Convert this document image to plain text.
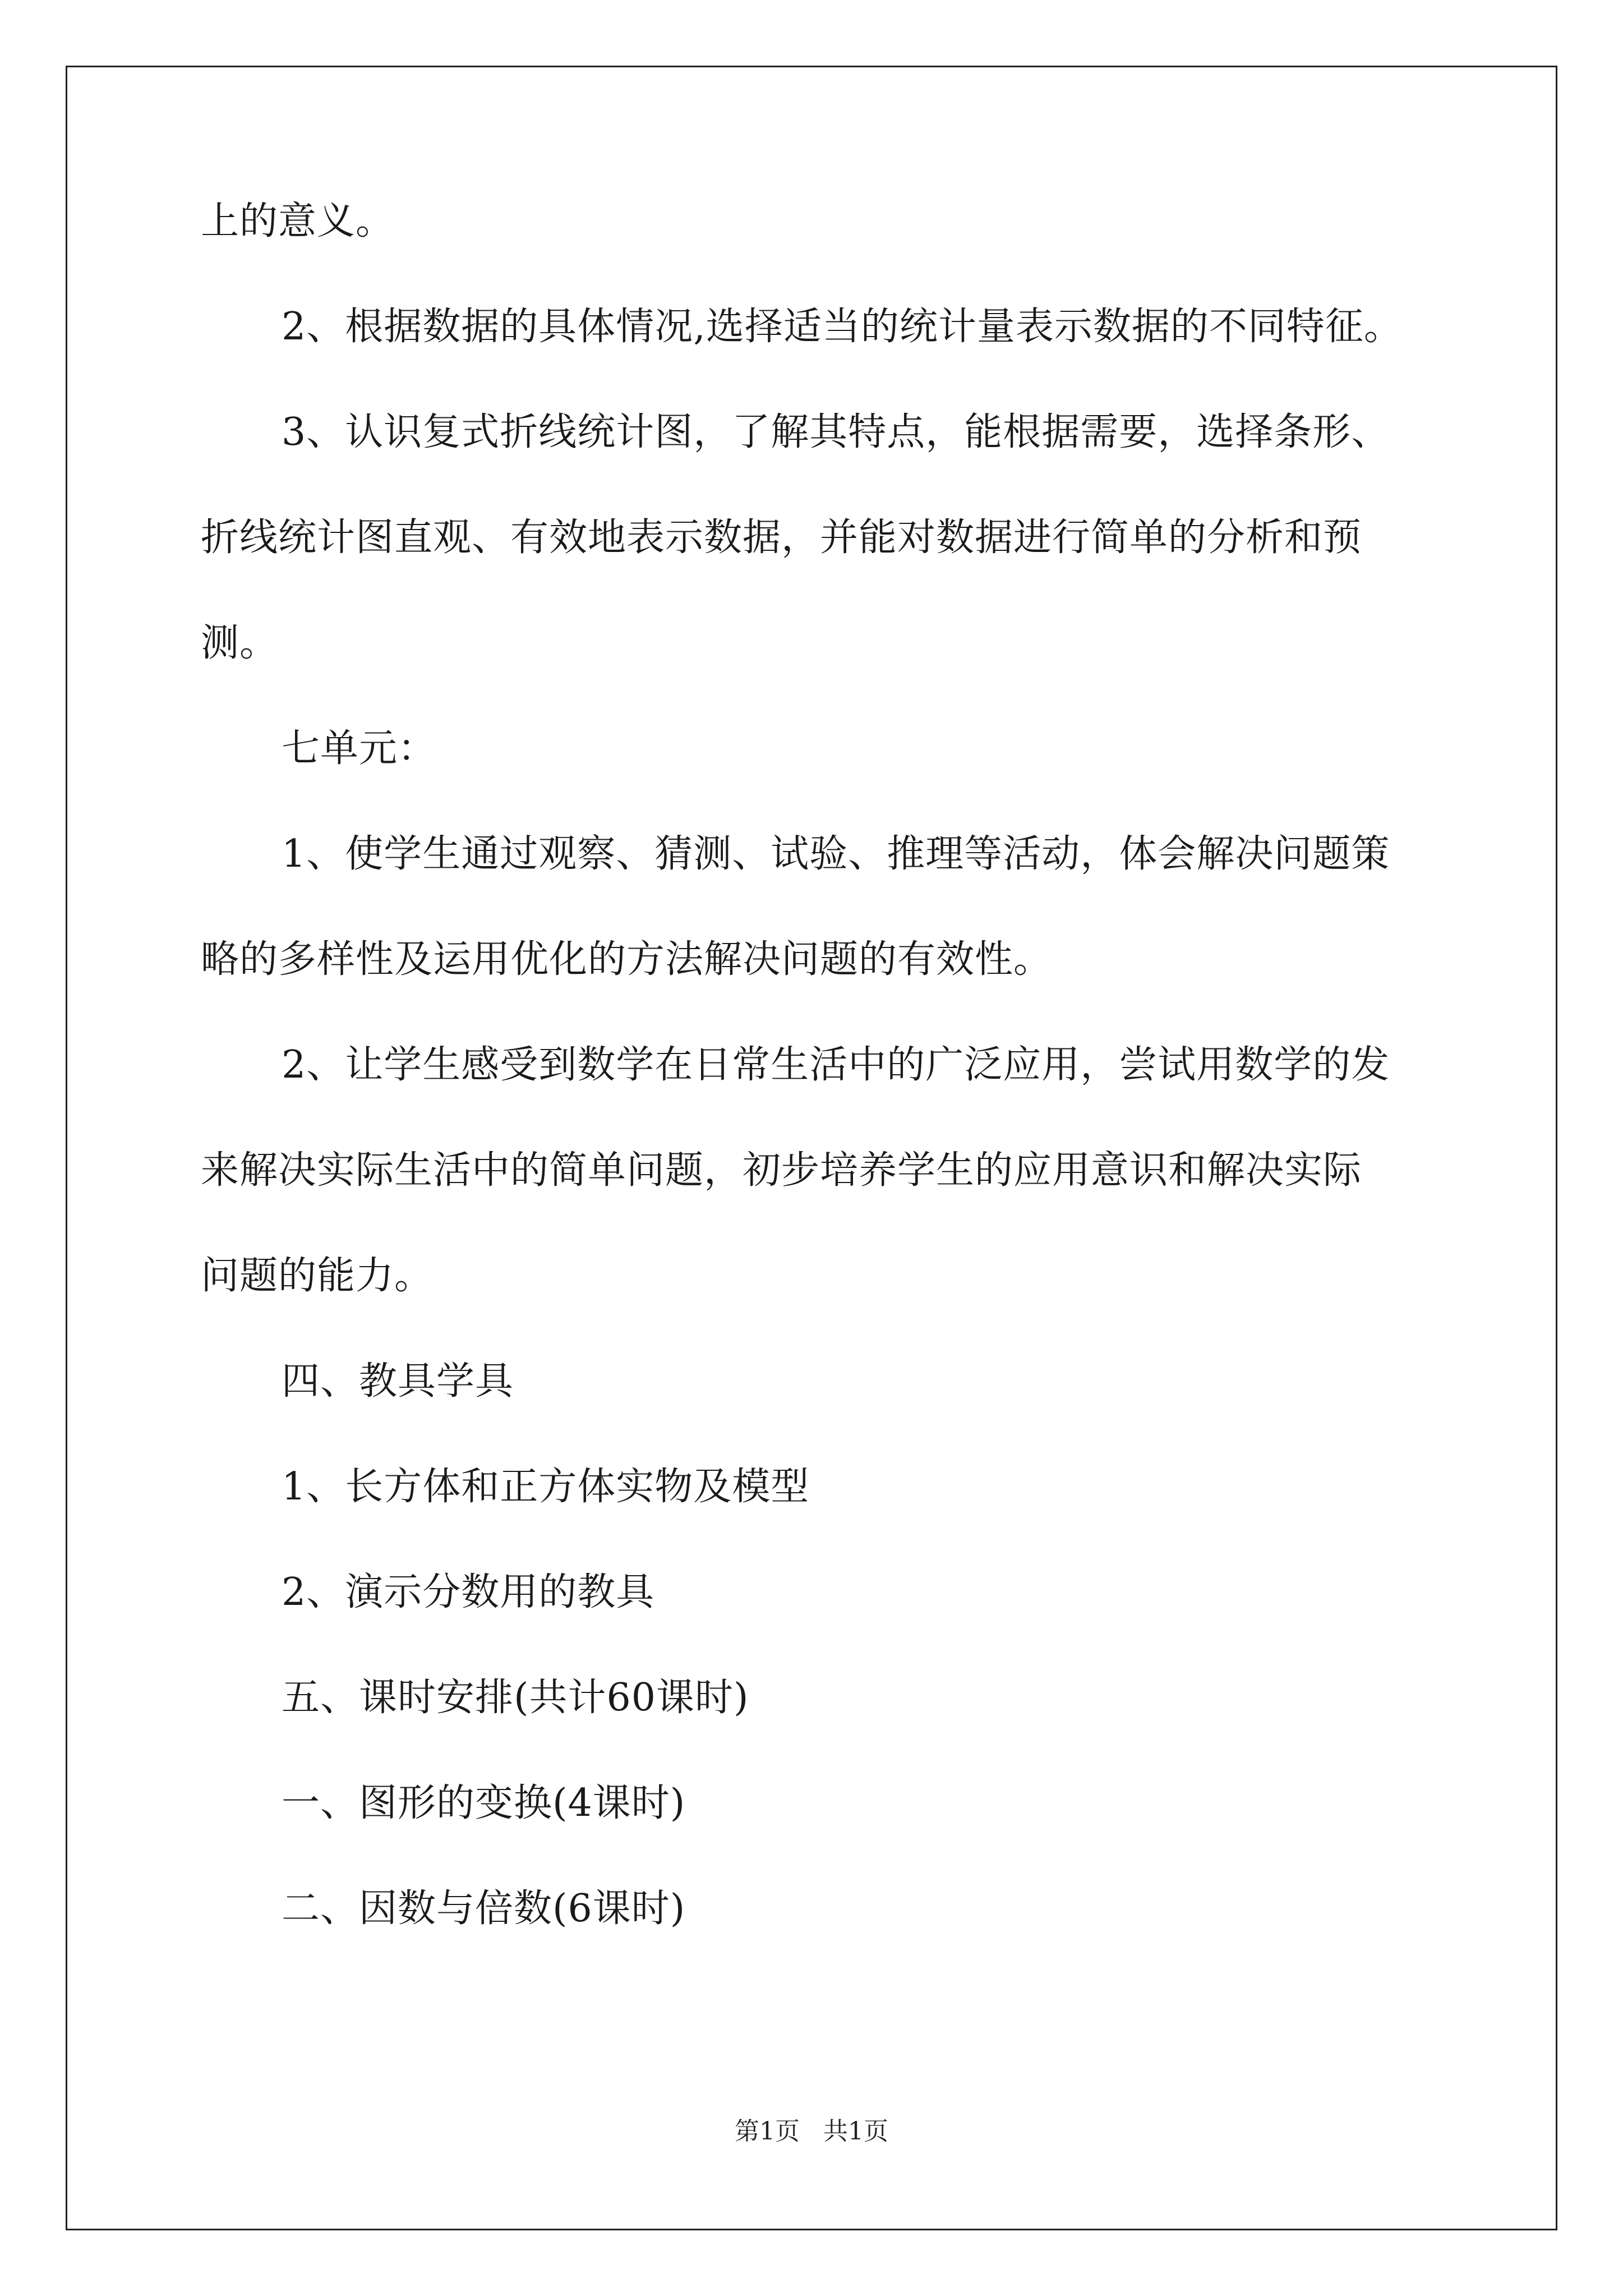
上的意义。

2、根据数据的具体情况,选择适当的统计量表示数据的不同特征。

3、认识复式折线统计图，了解其特点，能根据需要，选择条形、

折线统计图直观、有效地表示数据，并能对数据进行简单的分析和预

测。

七单元：

1、使学生通过观察、猜测、试验、推理等活动，体会解决问题策

略的多样性及运用优化的方法解决问题的有效性。

2、让学生感受到数学在日常生活中的广泛应用，尝试用数学的发

来解决实际生活中的简单问题，初步培养学生的应用意识和解决实际

问题的能力。

四、教具学具

1、长方体和正方体实物及模型

2、演示分数用的教具

五、课时安排(共计60课时)

一、图形的变换(4课时)

二、因数与倍数(6课时)

第1页   共1页
